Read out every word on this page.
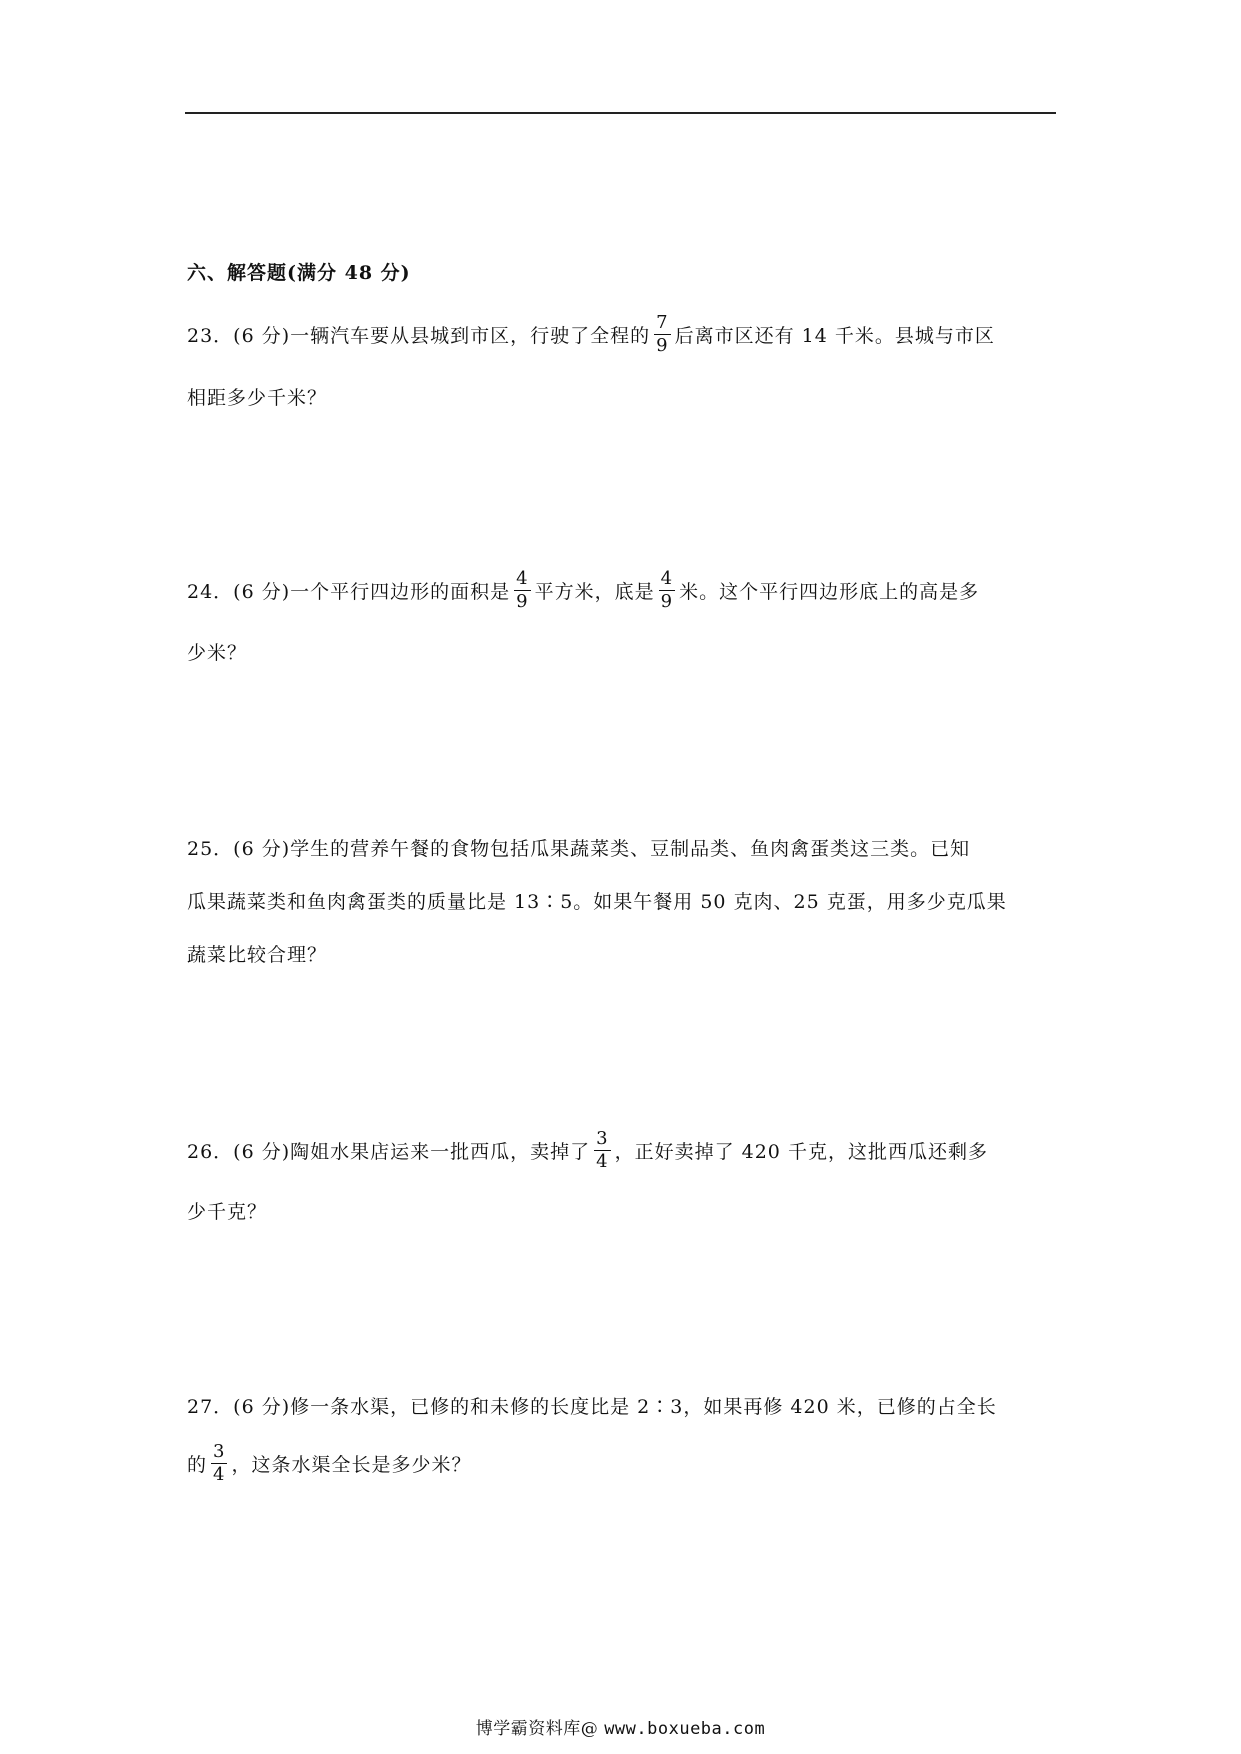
六、解答题(满分 48 分)
23．(6 分)一辆汽车要从县城到市区，行驶了全程的 $\frac{7}{9}$ 后离市区还有 14 千米。县城与市区
相距多少千米？
24．(6 分)一个平行四边形的面积是 $\frac{4}{9}$ 平方米，底是 $\frac{4}{9}$ 米。这个平行四边形底上的高是多
少米？
25．(6 分)学生的营养午餐的食物包括瓜果蔬菜类、豆制品类、鱼肉禽蛋类这三类。已知
瓜果蔬菜类和鱼肉禽蛋类的质量比是 13∶5。如果午餐用 50 克肉、25 克蛋，用多少克瓜果
蔬菜比较合理？
26．(6 分)陶姐水果店运来一批西瓜，卖掉了 $\frac{3}{4}$ ，正好卖掉了 420 千克，这批西瓜还剩多
少千克？
27．(6 分)修一条水渠，已修的和未修的长度比是 2∶3，如果再修 420 米，已修的占全长
的 $\frac{3}{4}$ ，这条水渠全长是多少米？
博学霸资料库@ www.boxueba.com
